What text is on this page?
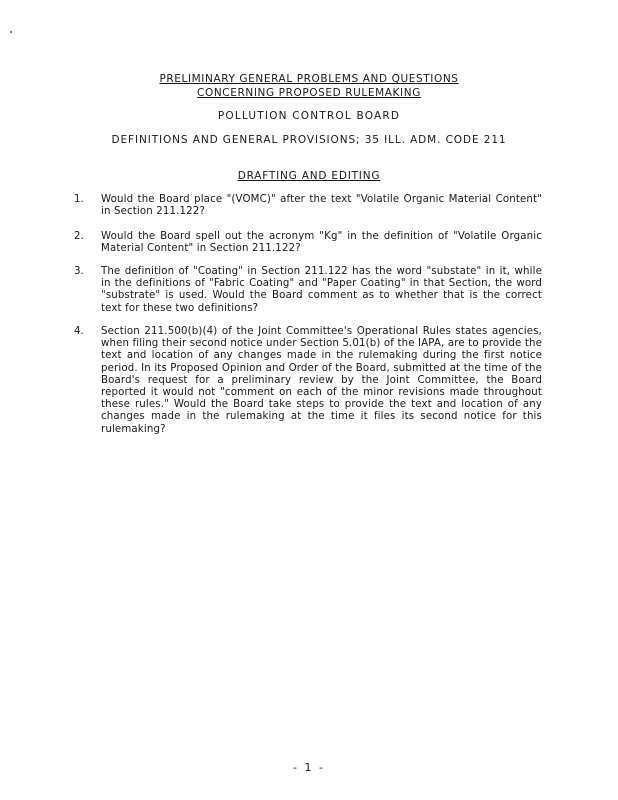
PRELIMINARY GENERAL PROBLEMS AND QUESTIONS
CONCERNING PROPOSED RULEMAKING
POLLUTION CONTROL BOARD
DEFINITIONS AND GENERAL PROVISIONS; 35 ILL. ADM. CODE 211
DRAFTING AND EDITING
1.	Would the Board place "(VOMC)" after the text "Volatile Organic Material Content" in Section 211.122?
2.	Would the Board spell out the acronym "Kg" in the definition of "Volatile Organic Material Content" in Section 211.122?
3.	The definition of "Coating" in Section 211.122 has the word "substate" in it, while in the definitions of "Fabric Coating" and "Paper Coating" in that Section, the word "substrate" is used. Would the Board comment as to whether that is the correct text for these two definitions?
4.	Section 211.500(b)(4) of the Joint Committee's Operational Rules states agencies, when filing their second notice under Section 5.01(b) of the IAPA, are to provide the text and location of any changes made in the rulemaking during the first notice period. In its Proposed Opinion and Order of the Board, submitted at the time of the Board's request for a preliminary review by the Joint Committee, the Board reported it would not "comment on each of the minor revisions made throughout these rules." Would the Board take steps to provide the text and location of any changes made in the rulemaking at the time it files its second notice for this rulemaking?
- 1 -
